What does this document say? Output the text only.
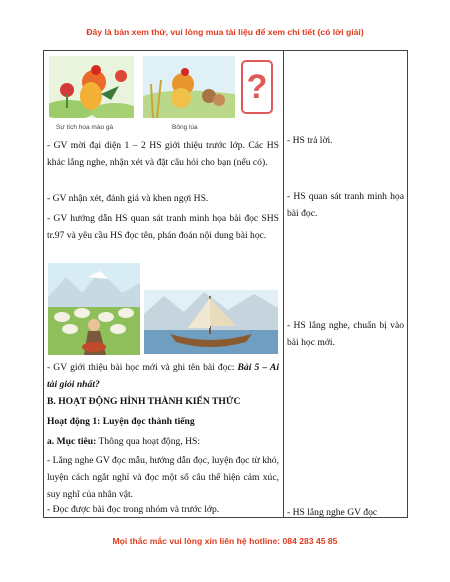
Đây là bản xem thử, vui lòng mua tài liệu để xem chi tiết (có lời giải)
Sự tích hoa mào gà	Bông lúa
?

- GV mời đại diện 1 – 2 HS giới thiệu trước lớp. Các HS khác lắng nghe, nhận xét và đặt câu hỏi cho bạn (nếu có).

- GV nhận xét, đánh giá và khen ngợi HS.

- GV hướng dẫn HS quan sát tranh minh họa bài đọc SHS tr.97 và yêu cầu HS đọc tên, phán đoán nội dung bài học.

- GV giới thiệu bài học mới và ghi tên bài đọc: Bài 5 – Ai tài giỏi nhất?

B. HOẠT ĐỘNG HÌNH THÀNH KIẾN THỨC

Hoạt động 1: Luyện đọc thành tiếng

a. Mục tiêu: Thông qua hoạt động, HS:

- Lắng nghe GV đọc mẫu, hướng dẫn đọc, luyện đọc từ khó, luyện cách ngắt nghỉ và đọc một số câu thể hiện cảm xúc, suy nghĩ của nhân vật.

- Đọc được bài đọc trong nhóm và trước lớp.

- HS trả lời.

- HS quan sát tranh minh họa bài đọc.

- HS lắng nghe, chuẩn bị vào bài học mới.

- HS lắng nghe GV đọc

Mọi thắc mắc vui lòng xin liên hệ hotline: 084 283 45 85
